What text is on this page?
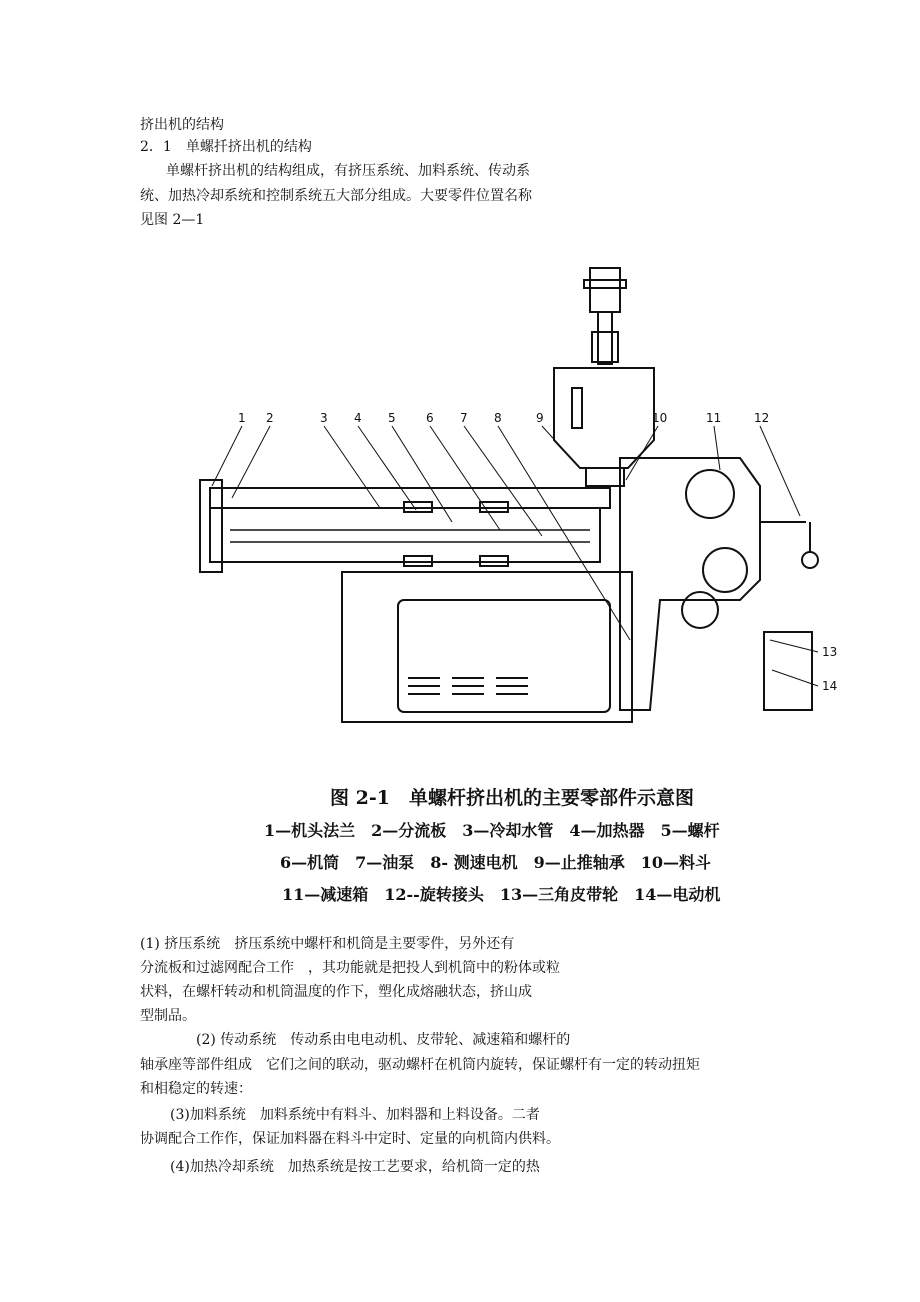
挤出机的结构
2．1　单螺扦挤出机的结构
单螺杆挤出机的结构组成，有挤压系统、加料系统、传动系
统、加热冷却系统和控制系统五大部分组成。大要零件位置名称
见图 2—1
1 2	3 4 5	6 7 8	9	10	11	12
13
14
图 2-1　单螺杆挤出机的主要零部件示意图
1—机头法兰　2—分流板　3—冷却水管　4—加热器　5—螺杆
6—机筒　7—油泵　8- 测速电机　9—止推轴承　10—料斗
11—减速箱　12--旋转接头　13—三角皮带轮　14—电动机
(1) 挤压系统　挤压系统中螺杆和机筒是主要零件，另外还有
分流板和过滤网配合工作　，其功能就是把投人到机筒中的粉体或粒
状料，在螺杆转动和机筒温度的作下，塑化成熔融状态，挤山成
型制品。
(2) 传动系统　传动系由电电动机、皮带轮、减速箱和螺杆的
轴承座等部件组成　它们之间的联动，驱动螺杆在机筒内旋转，保证螺杆有一定的转动扭矩
和相稳定的转速：
(3)加料系统　加料系统中有料斗、加料器和上料设备。二者
协调配合工作作，保证加料器在料斗中定时、定量的向机筒内供料。
(4)加热冷却系统　加热系统是按工艺要求，给机筒一定的热
